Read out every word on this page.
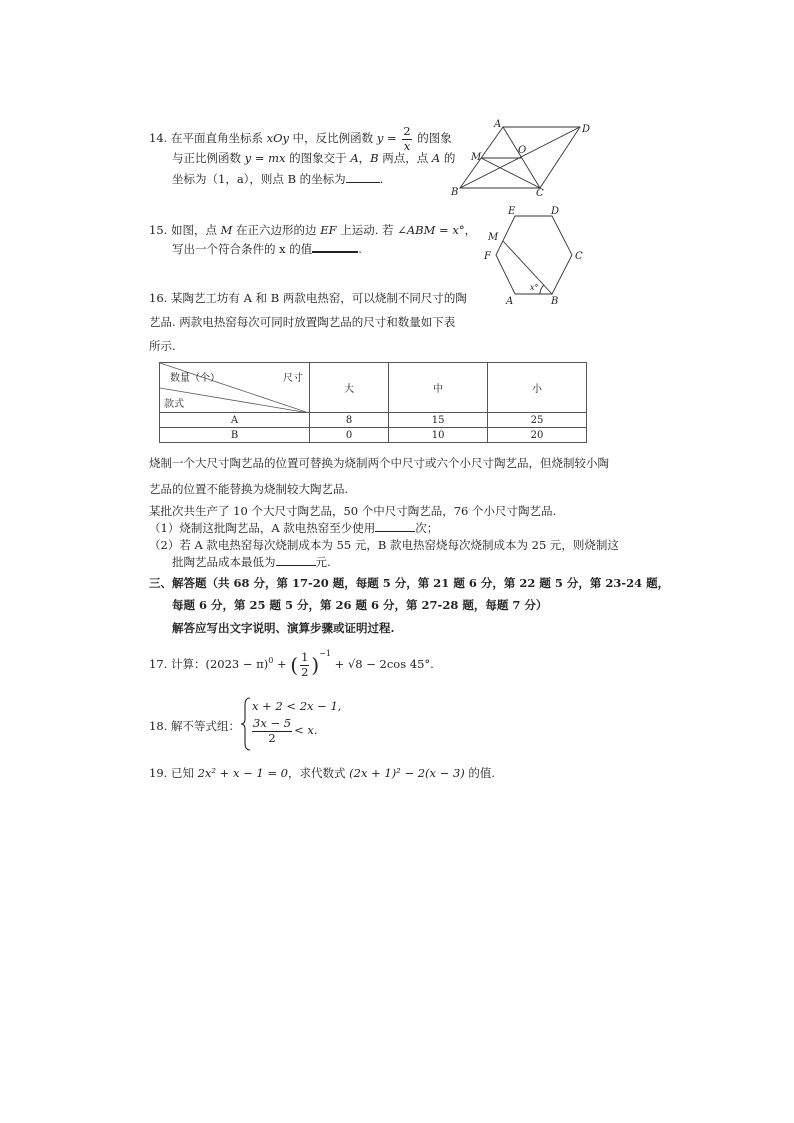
14. 在平面直角坐标系 xOy 中，反比例函数 $y = \frac{2}{x}$ 的图象
与正比例函数 y = mx 的图象交于 A，B 两点，点 A 的
坐标为（1，a），则点 B 的坐标为	.
A	D
M
O
B	C
15. 如图，点 M 在正六边形的边 EF 上运动. 若 ∠ABM = x°，
写出一个符合条件的 x 的值	.
E	D
M
F	C
A	B
x°
16. 某陶艺工坊有 A 和 B 两款电热窑，可以烧制不同尺寸的陶
艺品. 两款电热窑每次可同时放置陶艺品的尺寸和数量如下表
所示.
数量（个） 尺寸
款式	大	中	小
A	8	15	25
B	0	10	20
烧制一个大尺寸陶艺品的位置可替换为烧制两个中尺寸或六个小尺寸陶艺品，但烧制较小陶
艺品的位置不能替换为烧制较大陶艺品.
某批次共生产了 10 个大尺寸陶艺品，50 个中尺寸陶艺品，76 个小尺寸陶艺品.
（1）烧制这批陶艺品，A 款电热窑至少使用	次；
（2）若 A 款电热窑每次烧制成本为 55 元，B 款电热窑烧每次烧制成本为 25 元，则烧制这
批陶艺品成本最低为	元.
三、解答题（共 68 分，第 17-20 题，每题 5 分，第 21 题 6 分，第 22 题 5 分，第 23-24 题，
每题 6 分，第 25 题 5 分，第 26 题 6 分，第 27-28 题，每题 7 分）
解答应写出文字说明、演算步骤或证明过程.
17. 计算：$(2023 - \pi)^0$ + ( $\frac{1}{2} )^{-1} + √8 - 2\cos$ 45°.
18. 解不等式组：
x + 2 < 2x − 1,
$\frac{3x - 5}{2} < x$.
19. 已知 2x² + x − 1 = 0，求代数式 (2x + 1)² − 2(x − 3) 的值.
